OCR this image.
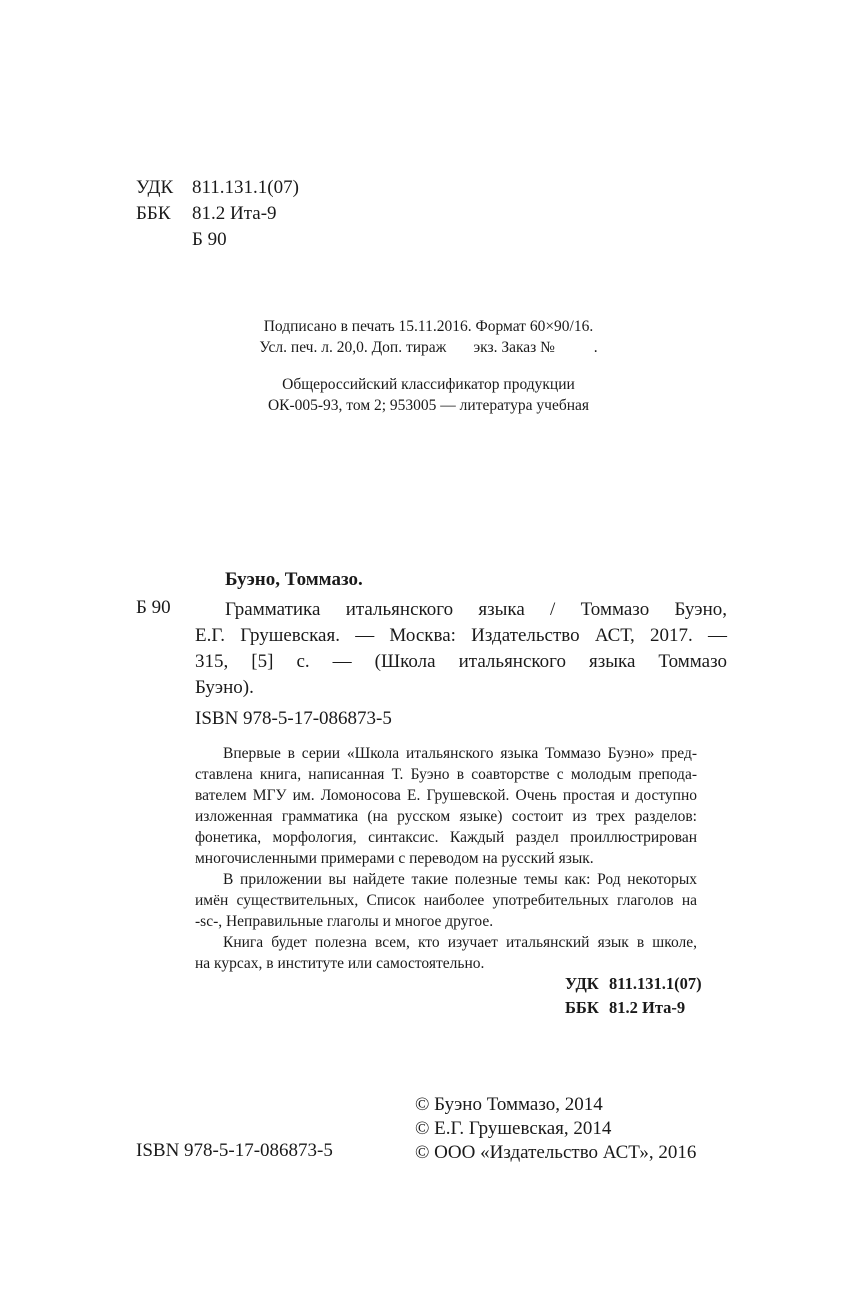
УДК 811.131.1(07)
ББК 81.2 Ита-9
Б 90
Подписано в печать 15.11.2016. Формат 60×90/16.
Усл. печ. л. 20,0. Доп. тираж       экз. Заказ №          .
Общероссийский классификатор продукции
ОК-005-93, том 2; 953005 — литература учебная
Буэно, Томмазо.
Б 90	Грамматика итальянского языка / Томмазо Буэно,
Е.Г. Грушевская. — Москва: Издательство АСТ, 2017. —
315, [5] с. — (Школа итальянского языка Томмазо
Буэно).
ISBN 978-5-17-086873-5
Впервые в серии «Школа итальянского языка Томмазо Буэно» пред-
ставлена книга, написанная Т. Буэно в соавторстве с молодым препода-
вателем МГУ им. Ломоносова Е. Грушевской. Очень простая и доступно
изложенная грамматика (на русском языке) состоит из трех разделов:
фонетика, морфология, синтаксис. Каждый раздел проиллюстрирован
многочисленными примерами с переводом на русский язык.
В приложении вы найдете такие полезные темы как: Род некоторых
имён существительных, Список наиболее употребительных глаголов на
-sc-, Неправильные глаголы и многое другое.
Книга будет полезна всем, кто изучает итальянский язык в школе,
на курсах, в институте или самостоятельно.
УДК 811.131.1(07)
ББК 81.2 Ита-9
ISBN 978-5-17-086873-5
© Буэно Томмазо, 2014
© Е.Г. Грушевская, 2014
© ООО «Издательство АСТ», 2016
